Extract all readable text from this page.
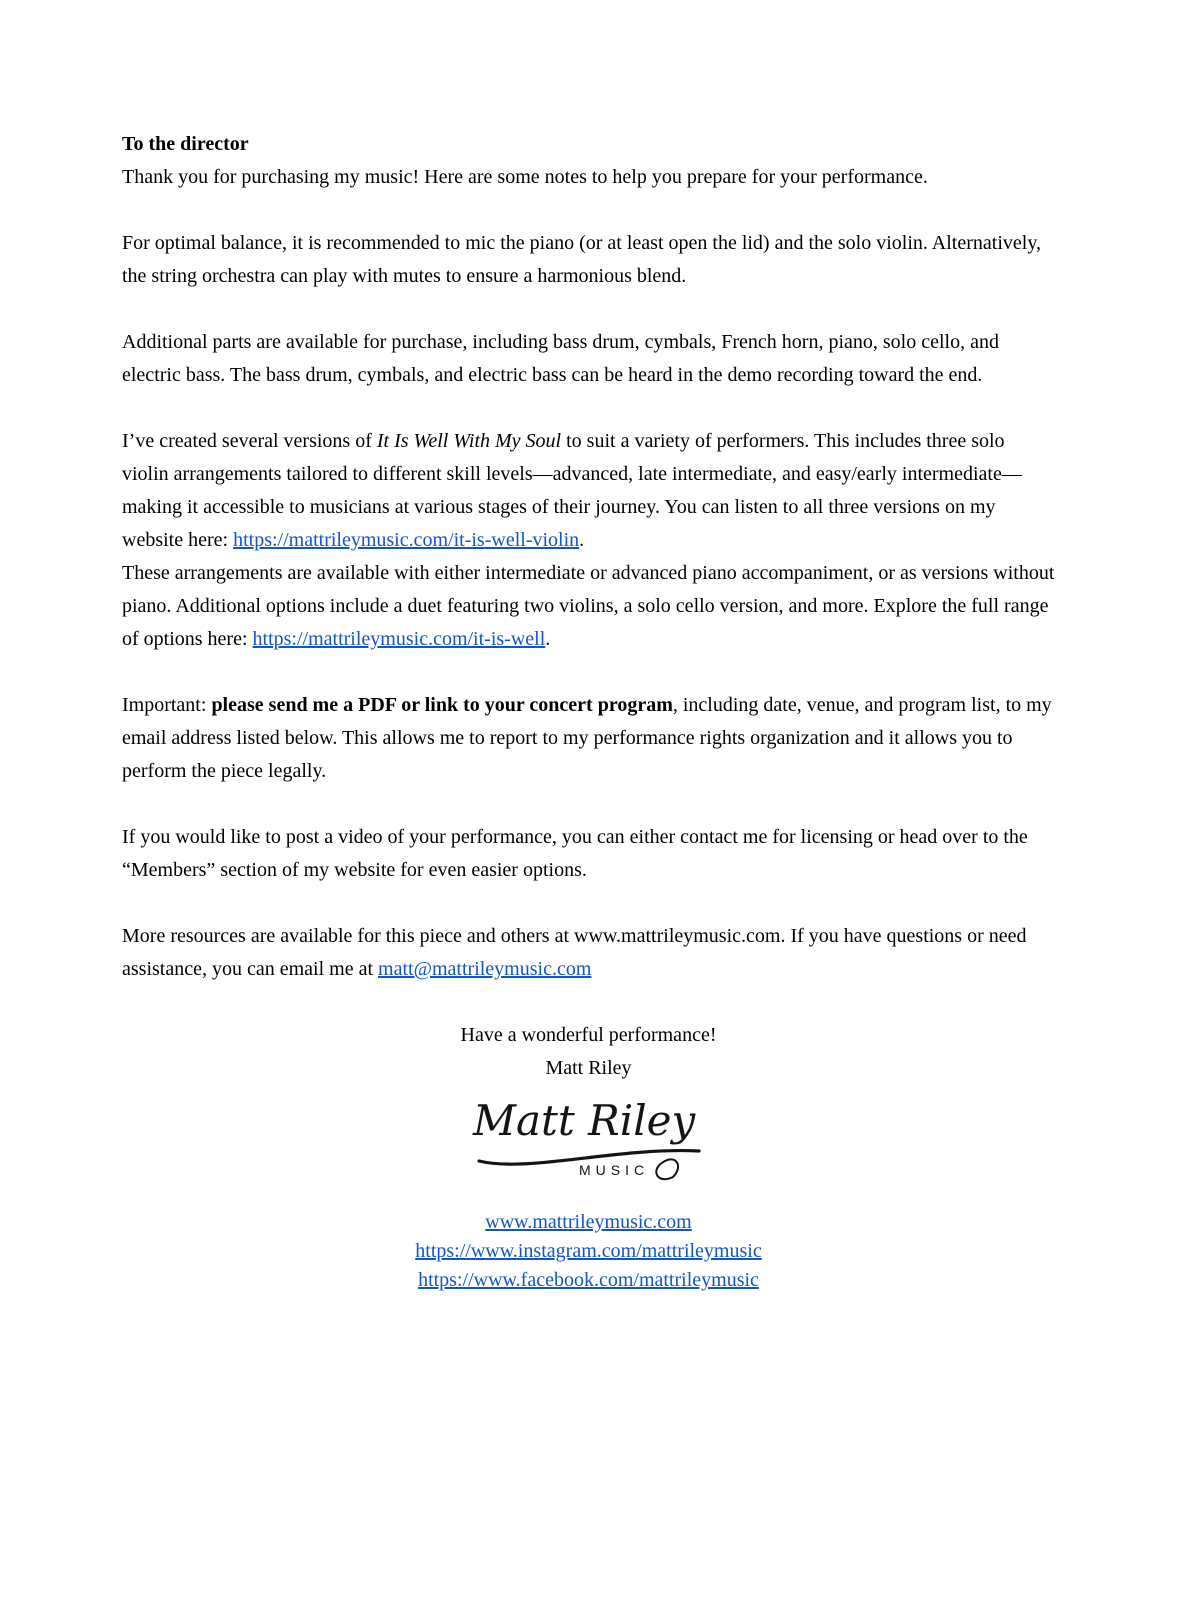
To the director

Thank you for purchasing my music! Here are some notes to help you prepare for your performance.

For optimal balance, it is recommended to mic the piano (or at least open the lid) and the solo violin. Alternatively, the string orchestra can play with mutes to ensure a harmonious blend.

Additional parts are available for purchase, including bass drum, cymbals, French horn, piano, solo cello, and electric bass. The bass drum, cymbals, and electric bass can be heard in the demo recording toward the end.

I’ve created several versions of It Is Well With My Soul to suit a variety of performers. This includes three solo violin arrangements tailored to different skill levels—advanced, late intermediate, and easy/early intermediate—making it accessible to musicians at various stages of their journey. You can listen to all three versions on my website here: https://mattrileymusic.com/it-is-well-violin.

These arrangements are available with either intermediate or advanced piano accompaniment, or as versions without piano. Additional options include a duet featuring two violins, a solo cello version, and more. Explore the full range of options here: https://mattrileymusic.com/it-is-well.

Important: please send me a PDF or link to your concert program, including date, venue, and program list, to my email address listed below. This allows me to report to my performance rights organization and it allows you to perform the piece legally.

If you would like to post a video of your performance, you can either contact me for licensing or head over to the “Members” section of my website for even easier options.

More resources are available for this piece and others at www.mattrileymusic.com. If you have questions or need assistance, you can email me at matt@mattrileymusic.com

Have a wonderful performance!

Matt Riley

Matt Riley
MUSIC
www.mattrileymusic.com
https://www.instagram.com/mattrileymusic
https://www.facebook.com/mattrileymusic
